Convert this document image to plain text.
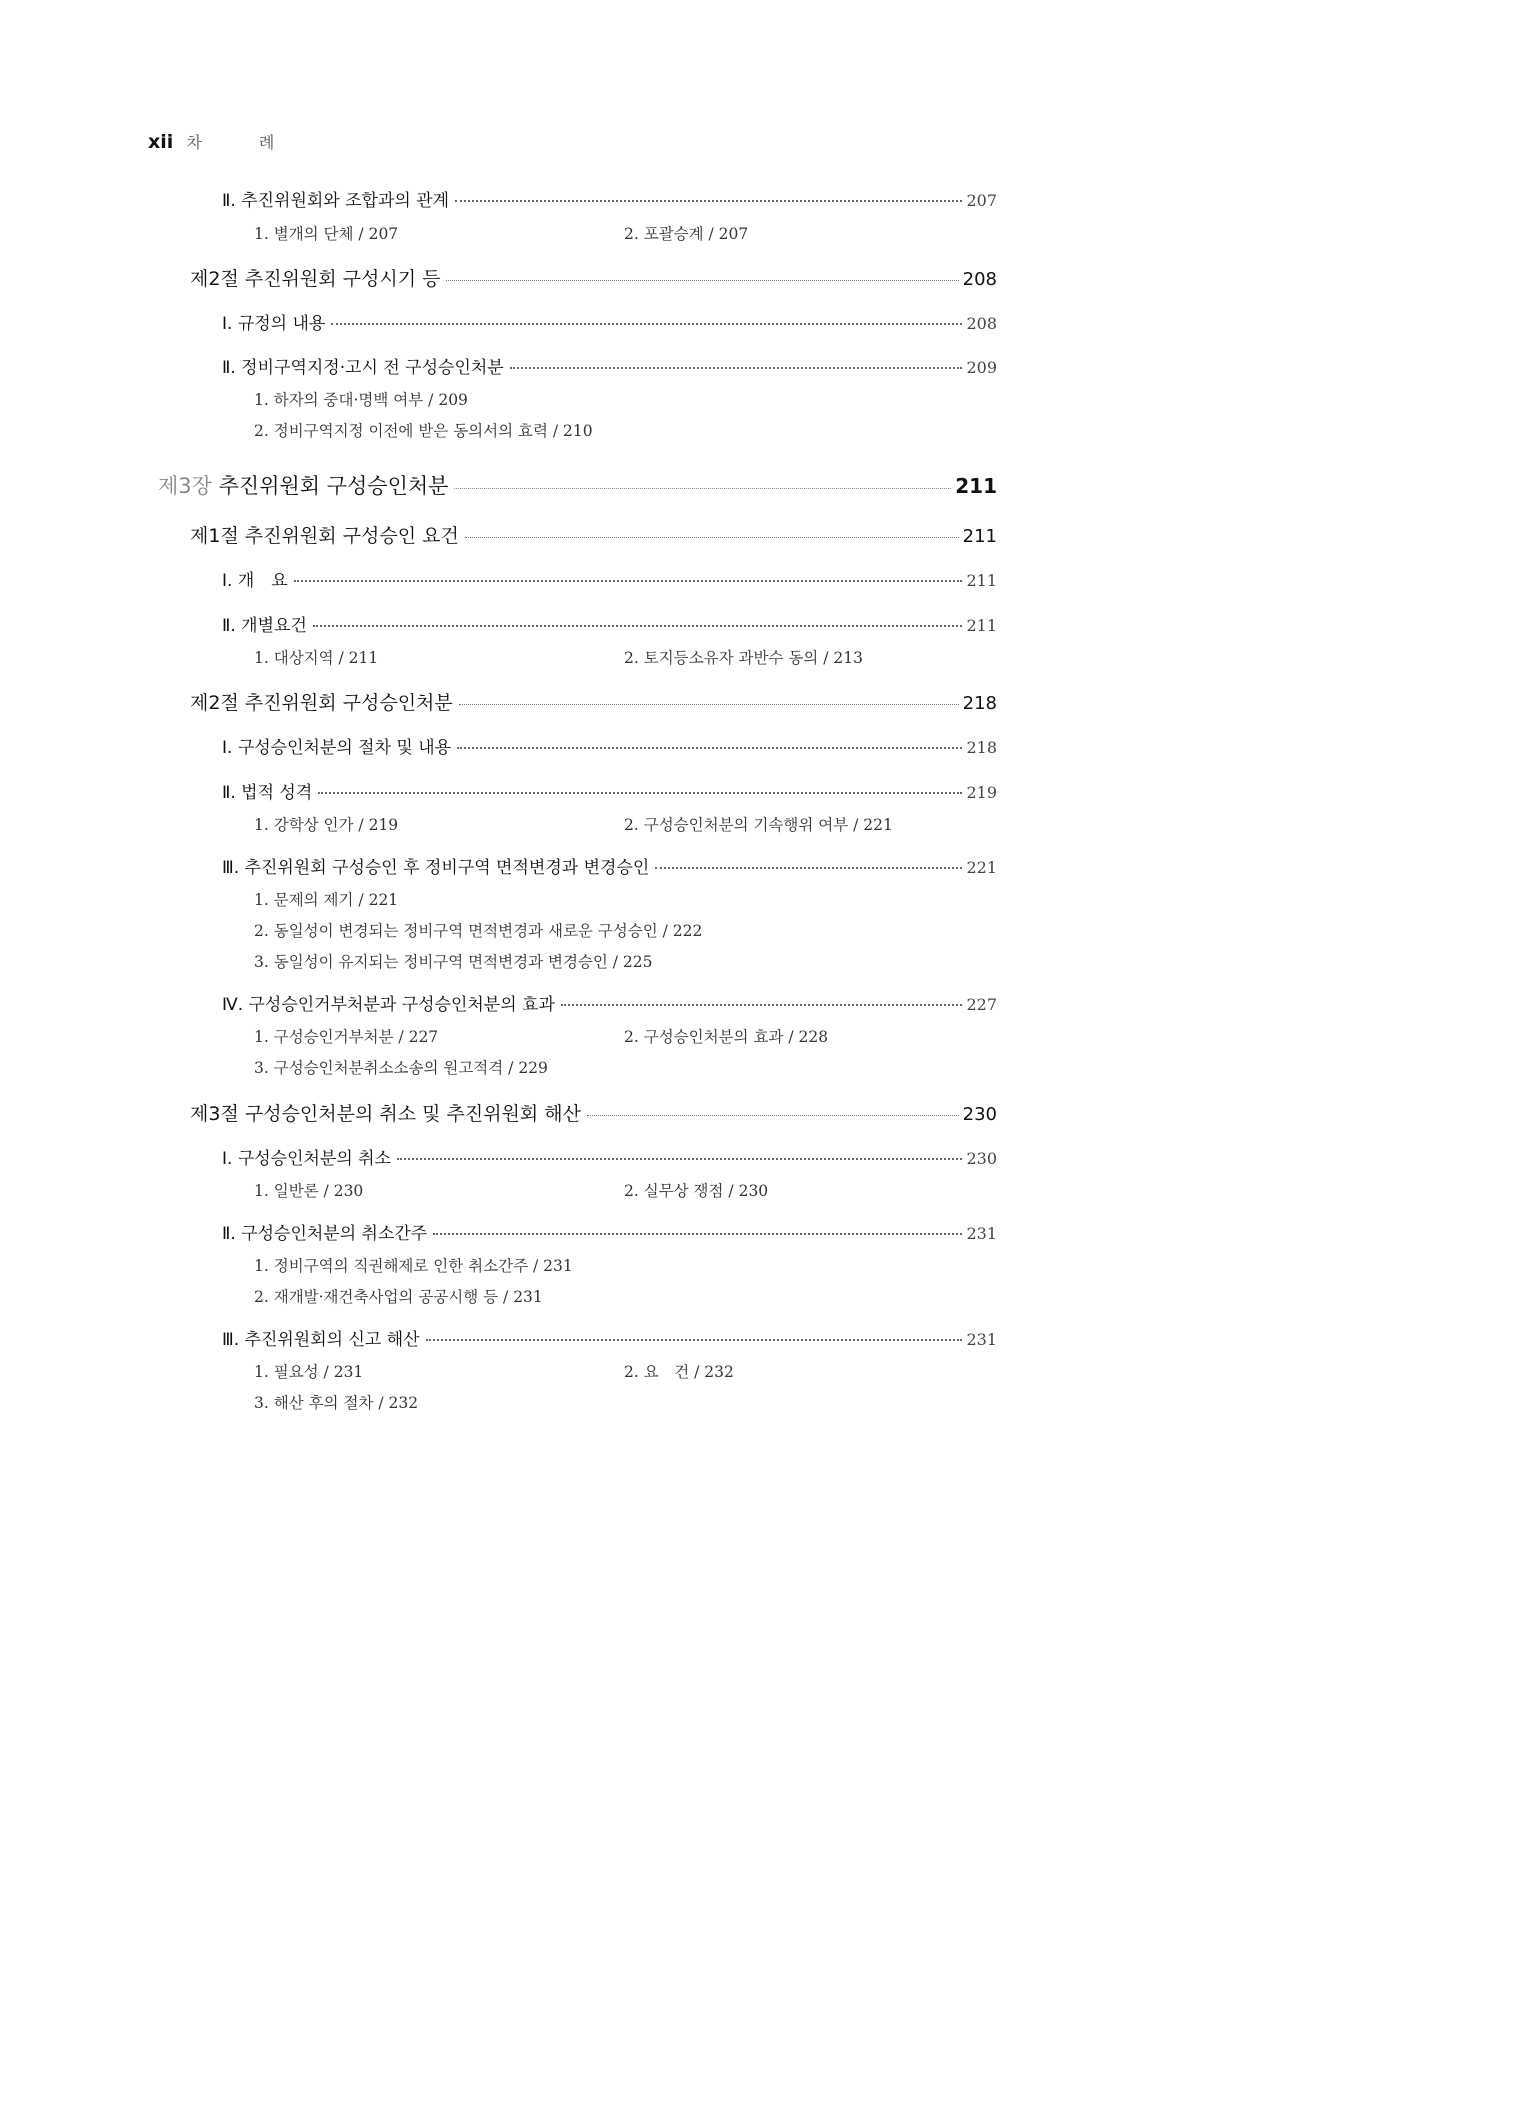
xii 차 례
Ⅱ. 추진위원회와 조합과의 관계	207
1. 별개의 단체 / 207	2. 포괄승계 / 207
제2절 추진위원회 구성시기 등	208
Ⅰ. 규정의 내용	208
Ⅱ. 정비구역지정·고시 전 구성승인처분	209
1. 하자의 중대·명백 여부 / 209
2. 정비구역지정 이전에 받은 동의서의 효력 / 210
제3장 추진위원회 구성승인처분	211
제1절 추진위원회 구성승인 요건	211
Ⅰ. 개　요	211
Ⅱ. 개별요건	211
1. 대상지역 / 211	2. 토지등소유자 과반수 동의 / 213
제2절 추진위원회 구성승인처분	218
Ⅰ. 구성승인처분의 절차 및 내용	218
Ⅱ. 법적 성격	219
1. 강학상 인가 / 219	2. 구성승인처분의 기속행위 여부 / 221
Ⅲ. 추진위원회 구성승인 후 정비구역 면적변경과 변경승인	221
1. 문제의 제기 / 221
2. 동일성이 변경되는 정비구역 면적변경과 새로운 구성승인 / 222
3. 동일성이 유지되는 정비구역 면적변경과 변경승인 / 225
Ⅳ. 구성승인거부처분과 구성승인처분의 효과	227
1. 구성승인거부처분 / 227	2. 구성승인처분의 효과 / 228
3. 구성승인처분취소소송의 원고적격 / 229
제3절 구성승인처분의 취소 및 추진위원회 해산	230
Ⅰ. 구성승인처분의 취소	230
1. 일반론 / 230	2. 실무상 쟁점 / 230
Ⅱ. 구성승인처분의 취소간주	231
1. 정비구역의 직권해제로 인한 취소간주 / 231
2. 재개발·재건축사업의 공공시행 등 / 231
Ⅲ. 추진위원회의 신고 해산	231
1. 필요성 / 231	2. 요　건 / 232
3. 해산 후의 절차 / 232
